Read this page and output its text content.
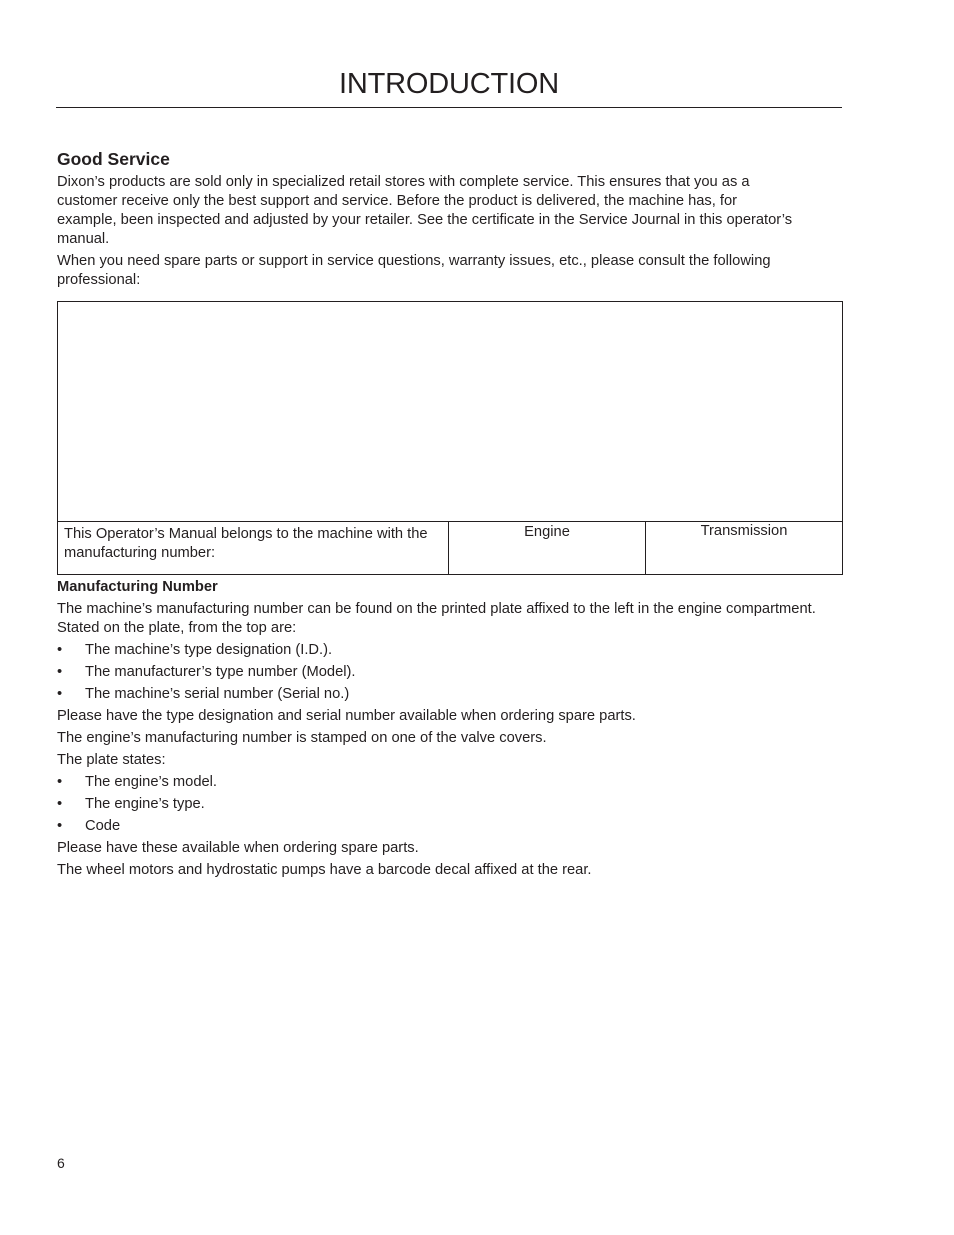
INTRODUCTION
Good Service

Dixon’s products are sold only in specialized retail stores with complete service. This ensures that you as a customer receive only the best support and service. Before the product is delivered, the machine has, for example, been inspected and adjusted by your retailer. See the certificate in the Service Journal in this operator’s manual.

When you need spare parts or support in service questions, warranty issues, etc., please consult the following professional:

This Operator’s Manual belongs to the machine with the manufacturing number:
Engine	Transmission
Manufacturing Number

The machine’s manufacturing number can be found on the printed plate affixed to the left in the engine compartment. Stated on the plate, from the top are:

• The machine’s type designation (I.D.).
• The manufacturer’s type number (Model).
• The machine’s serial number (Serial no.)

Please have the type designation and serial number available when ordering spare parts.

The engine’s manufacturing number is stamped on one of the valve covers.

The plate states:

• The engine’s model.
• The engine’s type.
• Code

Please have these available when ordering spare parts.

The wheel motors and hydrostatic pumps have a barcode decal affixed at the rear.

6
